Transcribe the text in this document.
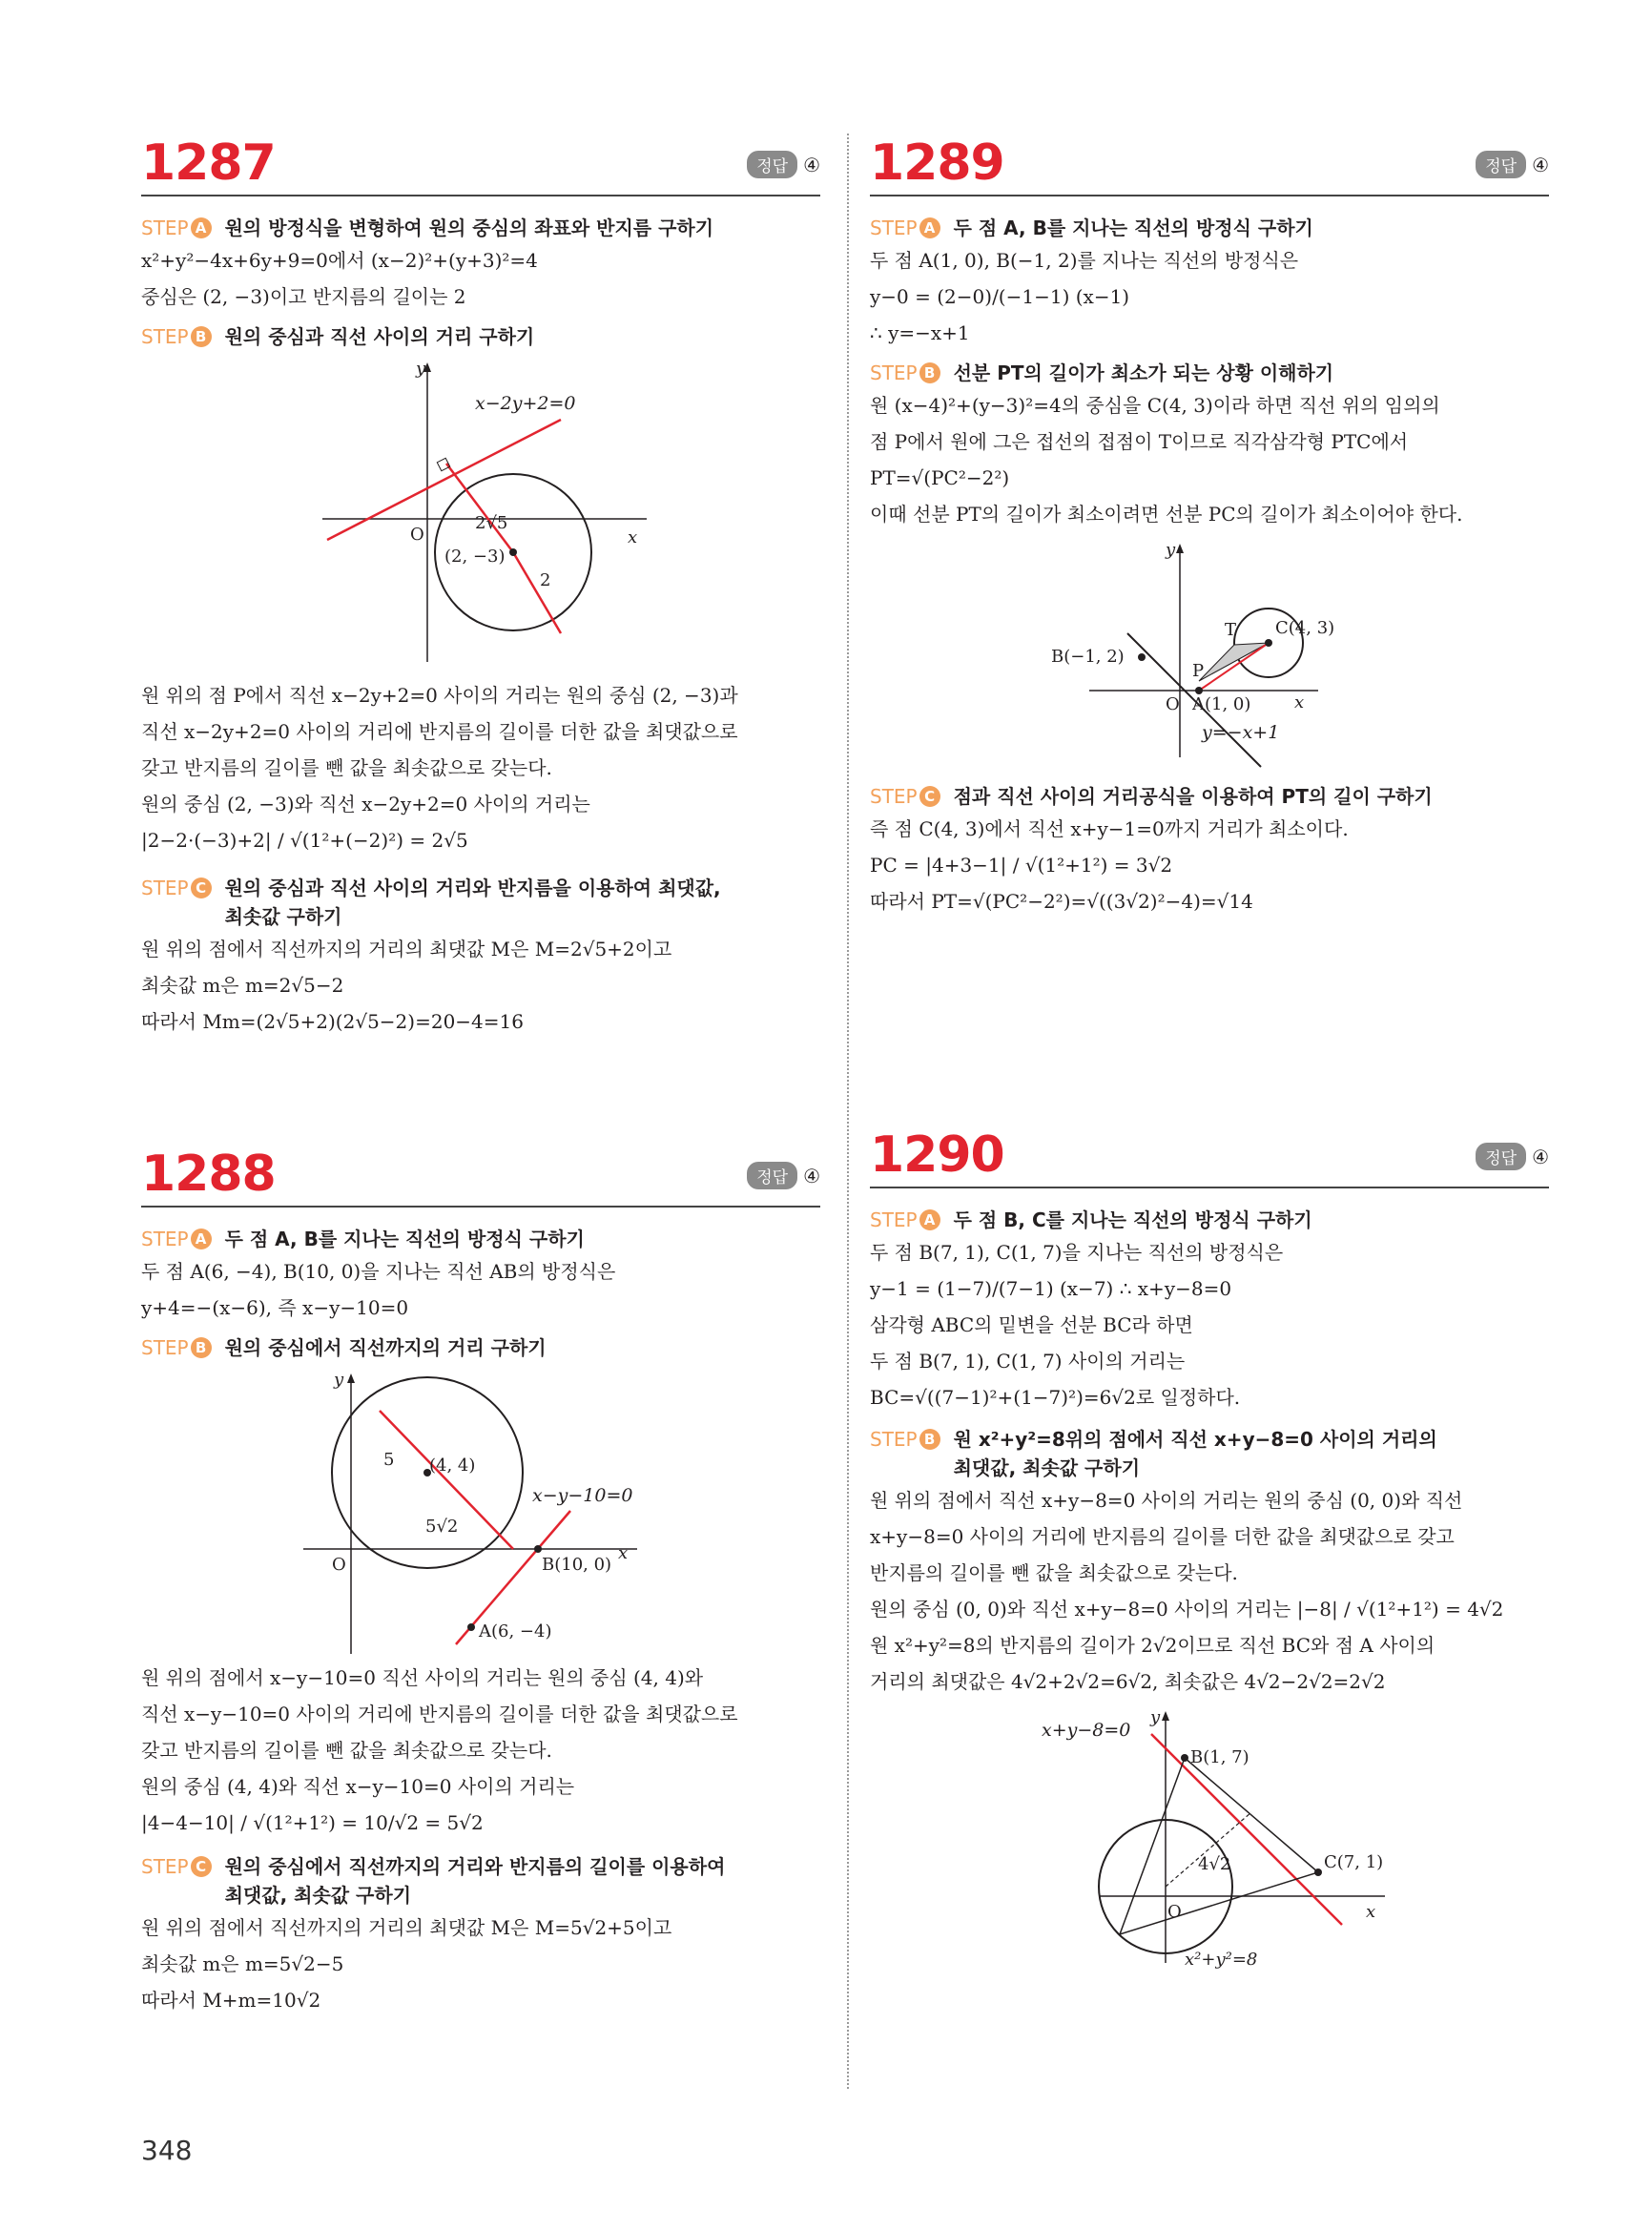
1287	정답 ④
STEP A 원의 방정식을 변형하여 원의 중심의 좌표와 반지름 구하기
x²+y²−4x+6y+9=0에서 (x−2)²+(y+3)²=4
중심은 (2, −3)이고 반지름의 길이는 2
STEP B 원의 중심과 직선 사이의 거리 구하기
y
x
O
x−2y+2=0
(2, −3)
2√5
2
원 위의 점 P에서 직선 x−2y+2=0 사이의 거리는 원의 중심 (2, −3)과
직선 x−2y+2=0 사이의 거리에 반지름의 길이를 더한 값을 최댓값으로
갖고 반지름의 길이를 뺀 값을 최솟값으로 갖는다.
원의 중심 (2, −3)와 직선 x−2y+2=0 사이의 거리는
|2−2·(−3)+2| / √(1²+(−2)²) = 2√5
STEP C 원의 중심과 직선 사이의 거리와 반지름을 이용하여 최댓값,
최솟값 구하기
원 위의 점에서 직선까지의 거리의 최댓값 M은 M=2√5+2이고
최솟값 m은 m=2√5−2
따라서 Mm=(2√5+2)(2√5−2)=20−4=16
1288	정답 ④
STEP A 두 점 A, B를 지나는 직선의 방정식 구하기
두 점 A(6, −4), B(10, 0)을 지나는 직선 AB의 방정식은
y+4=−(x−6), 즉 x−y−10=0
STEP B 원의 중심에서 직선까지의 거리 구하기
y
x
O
(4, 4)
5
5√2
x−y−10=0
B(10, 0)
A(6, −4)
원 위의 점에서 x−y−10=0 직선 사이의 거리는 원의 중심 (4, 4)와
직선 x−y−10=0 사이의 거리에 반지름의 길이를 더한 값을 최댓값으로
갖고 반지름의 길이를 뺀 값을 최솟값으로 갖는다.
원의 중심 (4, 4)와 직선 x−y−10=0 사이의 거리는
|4−4−10| / √(1²+1²) = 10/√2 = 5√2
STEP C 원의 중심에서 직선까지의 거리와 반지름의 길이를 이용하여
최댓값, 최솟값 구하기
원 위의 점에서 직선까지의 거리의 최댓값 M은 M=5√2+5이고
최솟값 m은 m=5√2−5
따라서 M+m=10√2
1289	정답 ④
STEP A 두 점 A, B를 지나는 직선의 방정식 구하기
두 점 A(1, 0), B(−1, 2)를 지나는 직선의 방정식은
y−0 = (2−0)/(−1−1) (x−1)
∴ y=−x+1
STEP B 선분 PT의 길이가 최소가 되는 상황 이해하기
원 (x−4)²+(y−3)²=4의 중심을 C(4, 3)이라 하면 직선 위의 임의의
점 P에서 원에 그은 접선의 접점이 T이므로 직각삼각형 PTC에서
PT=√(PC²−2²)
이때 선분 PT의 길이가 최소이려면 선분 PC의 길이가 최소이어야 한다.
y
x
O
T C(4, 3)
P
B(−1, 2)
A(1, 0)
y=−x+1
STEP C 점과 직선 사이의 거리공식을 이용하여 PT의 길이 구하기
즉 점 C(4, 3)에서 직선 x+y−1=0까지 거리가 최소이다.
PC = |4+3−1| / √(1²+1²) = 3√2
따라서 PT=√(PC²−2²)=√((3√2)²−4)=√14
1290	정답 ④
STEP A 두 점 B, C를 지나는 직선의 방정식 구하기
두 점 B(7, 1), C(1, 7)을 지나는 직선의 방정식은
y−1 = (1−7)/(7−1) (x−7) ∴ x+y−8=0
삼각형 ABC의 밑변을 선분 BC라 하면
두 점 B(7, 1), C(1, 7) 사이의 거리는
BC=√((7−1)²+(1−7)²)=6√2로 일정하다.
STEP B 원 x²+y²=8위의 점에서 직선 x+y−8=0 사이의 거리의
최댓값, 최솟값 구하기
원 위의 점에서 직선 x+y−8=0 사이의 거리는 원의 중심 (0, 0)와 직선
x+y−8=0 사이의 거리에 반지름의 길이를 더한 값을 최댓값으로 갖고
반지름의 길이를 뺀 값을 최솟값으로 갖는다.
원의 중심 (0, 0)와 직선 x+y−8=0 사이의 거리는 |−8| / √(1²+1²) = 4√2
원 x²+y²=8의 반지름의 길이가 2√2이므로 직선 BC와 점 A 사이의
거리의 최댓값은 4√2+2√2=6√2, 최솟값은 4√2−2√2=2√2
y
x
O
x+y−8=0
B(1, 7)
C(7, 1)
4√2
x²+y²=8
348
